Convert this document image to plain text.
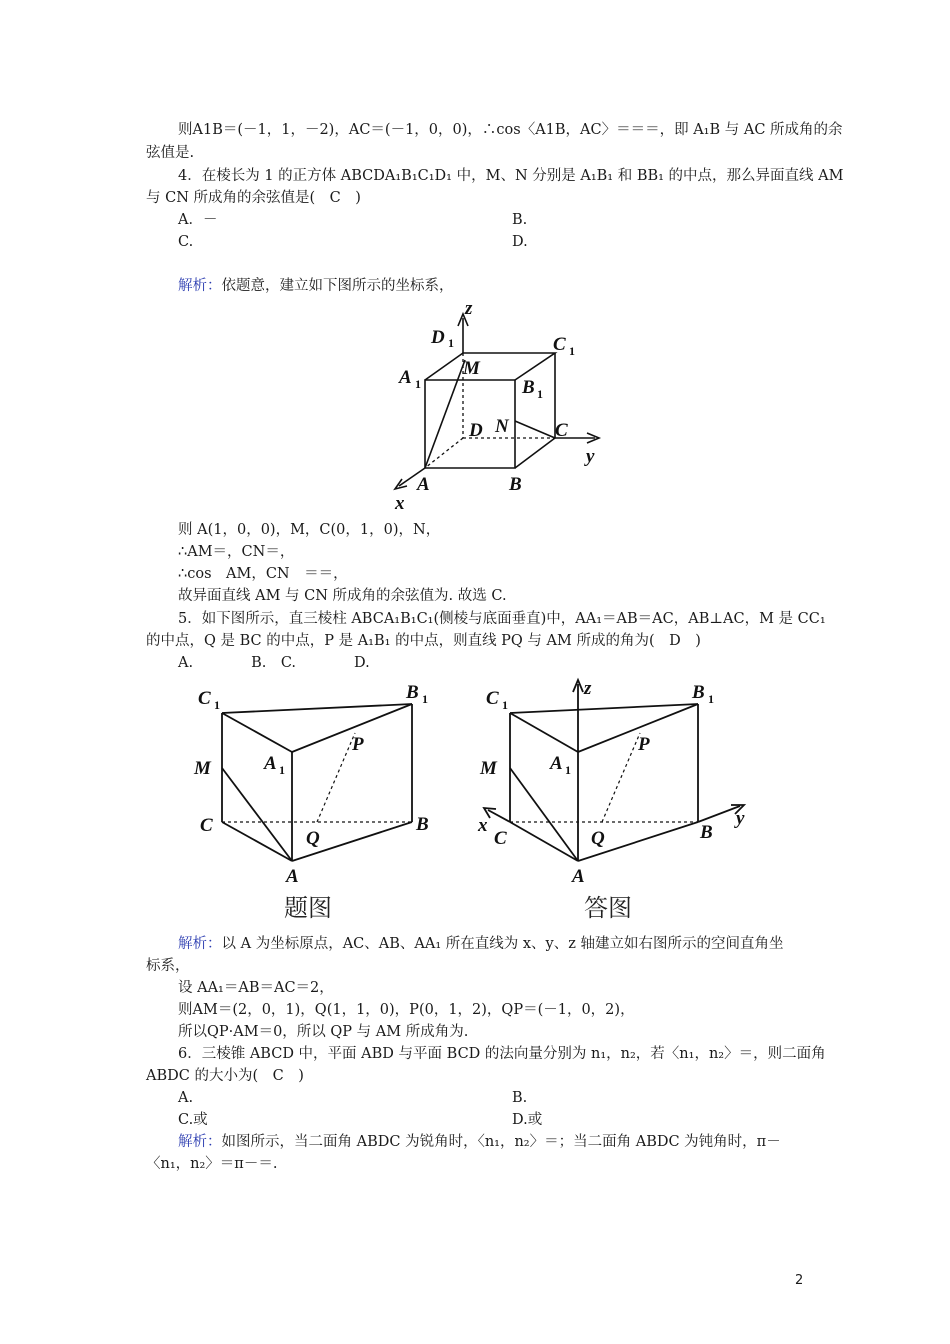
则A1B＝(－1，1，－2)，AC＝(－1，0，0)，∴cos〈A1B，AC〉＝＝＝，即 A₁B 与 AC 所成角的余
弦值是.
4．在棱长为 1 的正方体 ABCDA₁B₁C₁D₁ 中，M、N 分别是 A₁B₁ 和 BB₁ 的中点，那么异面直线 AM
与 CN 所成角的余弦值是(　C　)
A．－	B.
C.	D.
解析：依题意，建立如下图所示的坐标系，
z
D 1	C 1
A 1
M
B 1
D N C
y
A	B
x
则 A(1，0，0)，M，C(0，1，0)，N，
∴AM＝，CN＝，
∴cos　AM，CN　＝＝，
故异面直线 AM 与 CN 所成角的余弦值为. 故选 C.
5．如下图所示，直三棱柱 ABCA₁B₁C₁(侧棱与底面垂直)中，AA₁＝AB＝AC，AB⊥AC，M 是 CC₁
的中点，Q 是 BC 的中点，P 是 A₁B₁ 的中点，则直线 PQ 与 AM 所成的角为(　D　)
A.　　　　B.　C.　　　　D.
C 1
B 1
M	A 1
P
C
Q
B
A
题图
z
C 1
B 1
M	A 1
P
x
C	Q	B
y
A
答图
解析：以 A 为坐标原点，AC、AB、AA₁ 所在直线为 x、y、z 轴建立如右图所示的空间直角坐
标系，
设 AA₁＝AB＝AC＝2，
则AM＝(2，0，1)，Q(1，1，0)，P(0，1，2)，QP＝(－1，0，2)，
所以QP·AM＝0，所以 QP 与 AM 所成角为.
6．三棱锥 ABCD 中，平面 ABD 与平面 BCD 的法向量分别为 n₁，n₂，若〈n₁，n₂〉＝，则二面角
ABDC 的大小为(　C　)
A.	B.
C.或	D.或
解析：如图所示，当二面角 ABDC 为锐角时，〈n₁，n₂〉＝；当二面角 ABDC 为钝角时，π－
〈n₁，n₂〉＝π－＝.
2
